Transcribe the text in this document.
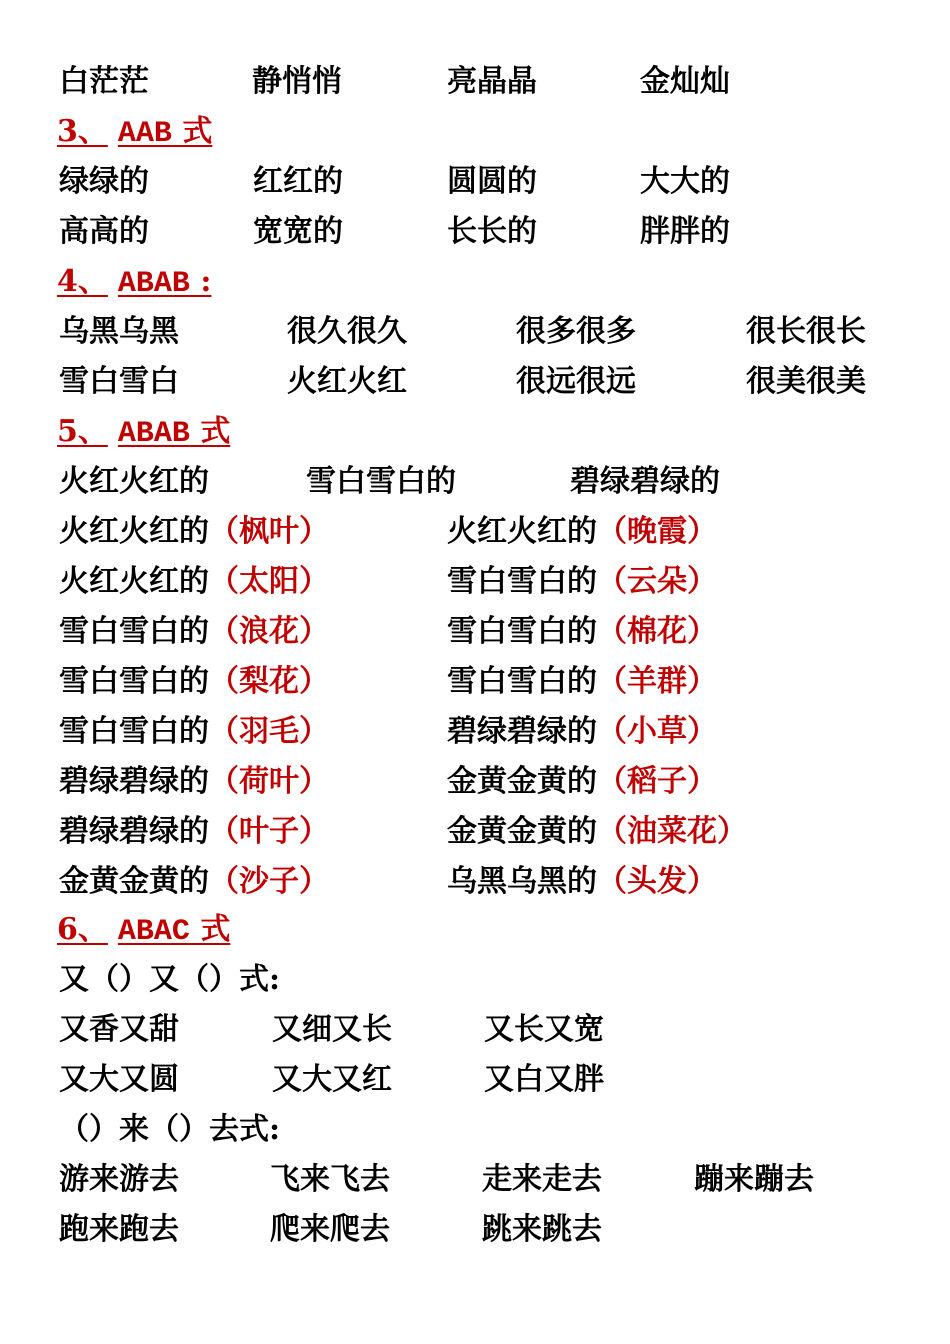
白茫茫	静悄悄	亮晶晶	金灿灿
3、 AAB 式
绿绿的	红红的	圆圆的	大大的
高高的	宽宽的	长长的	胖胖的
4、 ABAB :
乌黑乌黑	很久很久	很多很多	很长很长
雪白雪白	火红火红	很远很远	很美很美
5、 ABAB 式
火红火红的	雪白雪白的	碧绿碧绿的
火红火红的（枫叶）	火红火红的（晚霞）
火红火红的（太阳）	雪白雪白的（云朵）
雪白雪白的（浪花）	雪白雪白的（棉花）
雪白雪白的（梨花）	雪白雪白的（羊群）
雪白雪白的（羽毛）	碧绿碧绿的（小草）
碧绿碧绿的（荷叶）	金黄金黄的（稻子）
碧绿碧绿的（叶子）	金黄金黄的（油菜花）
金黄金黄的（沙子）	乌黑乌黑的（头发）
6、 ABAC 式
又（）又（）式:
又香又甜	又细又长	又长又宽
又大又圆	又大又红	又白又胖
（）来（）去式:
游来游去	飞来飞去	走来走去	蹦来蹦去
跑来跑去	爬来爬去	跳来跳去
